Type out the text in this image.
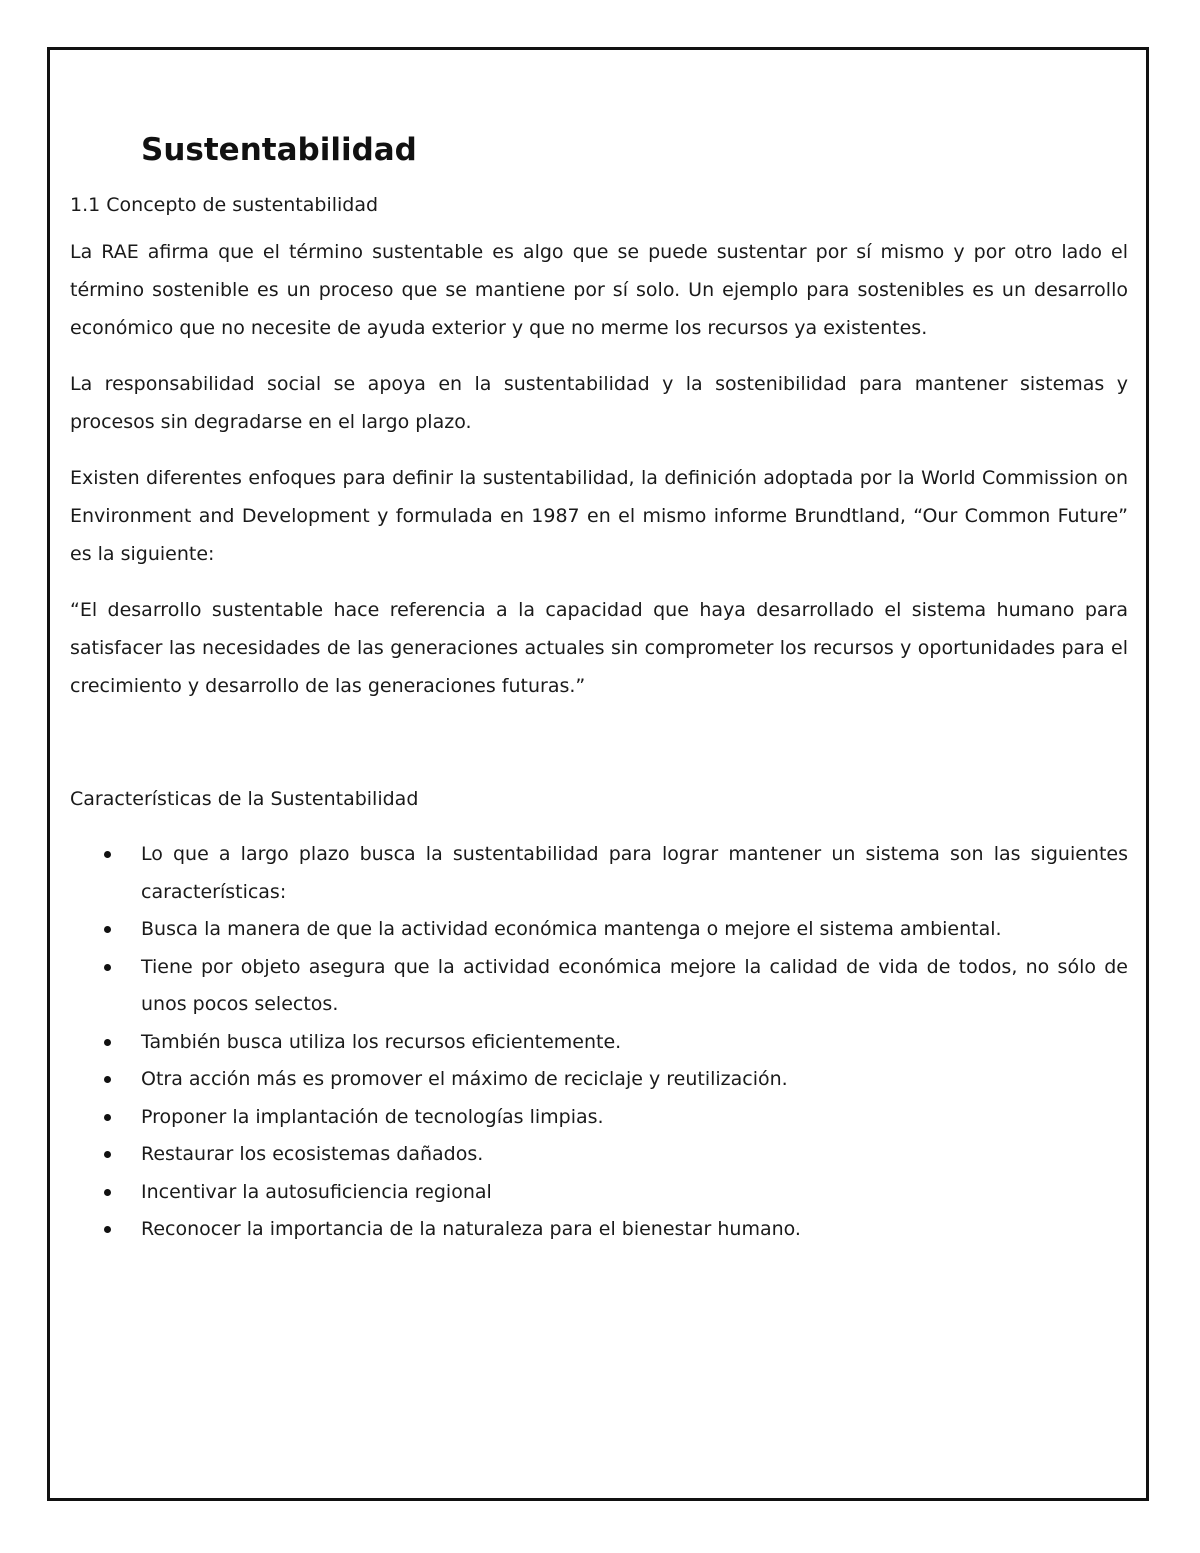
Sustentabilidad
1.1 Concepto de sustentabilidad

La RAE afirma que el término sustentable es algo que se puede sustentar por sí mismo y por otro lado el término sostenible es un proceso que se mantiene por sí solo. Un ejemplo para sostenibles es un desarrollo económico que no necesite de ayuda exterior y que no merme los recursos ya existentes.

La responsabilidad social se apoya en la sustentabilidad y la sostenibilidad para mantener sistemas y procesos sin degradarse en el largo plazo.

Existen diferentes enfoques para definir la sustentabilidad, la definición adoptada por la World Commission on Environment and Development y formulada en 1987 en el mismo informe Brundtland, “Our Common Future” es la siguiente:

“El desarrollo sustentable hace referencia a la capacidad que haya desarrollado el sistema humano para satisfacer las necesidades de las generaciones actuales sin comprometer los recursos y oportunidades para el crecimiento y desarrollo de las generaciones futuras.”

Características de la Sustentabilidad
Lo que a largo plazo busca la sustentabilidad para lograr mantener un sistema son las siguientes características:
Busca la manera de que la actividad económica mantenga o mejore el sistema ambiental.
Tiene por objeto asegura que la actividad económica mejore la calidad de vida de todos, no sólo de unos pocos selectos.
También busca utiliza los recursos eficientemente.
Otra acción más es promover el máximo de reciclaje y reutilización.
Proponer la implantación de tecnologías limpias.
Restaurar los ecosistemas dañados.
Incentivar la autosuficiencia regional
Reconocer la importancia de la naturaleza para el bienestar humano.
